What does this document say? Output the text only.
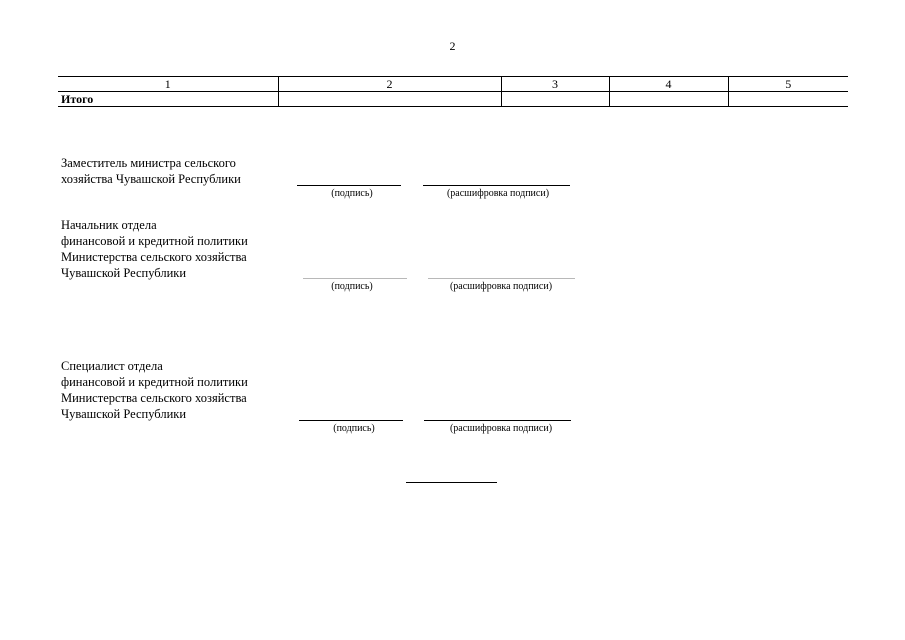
2
1	2	3	4	5
Итого				
Заместитель министра сельского
хозяйства Чувашской Республики
(подпись)	(расшифровка подписи)
Начальник отдела
финансовой и кредитной политики
Министерства сельского хозяйства
Чувашской Республики
(подпись)	(расшифровка подписи)
Специалист отдела
финансовой и кредитной политики
Министерства сельского хозяйства
Чувашской Республики
(подпись)	(расшифровка подписи)
